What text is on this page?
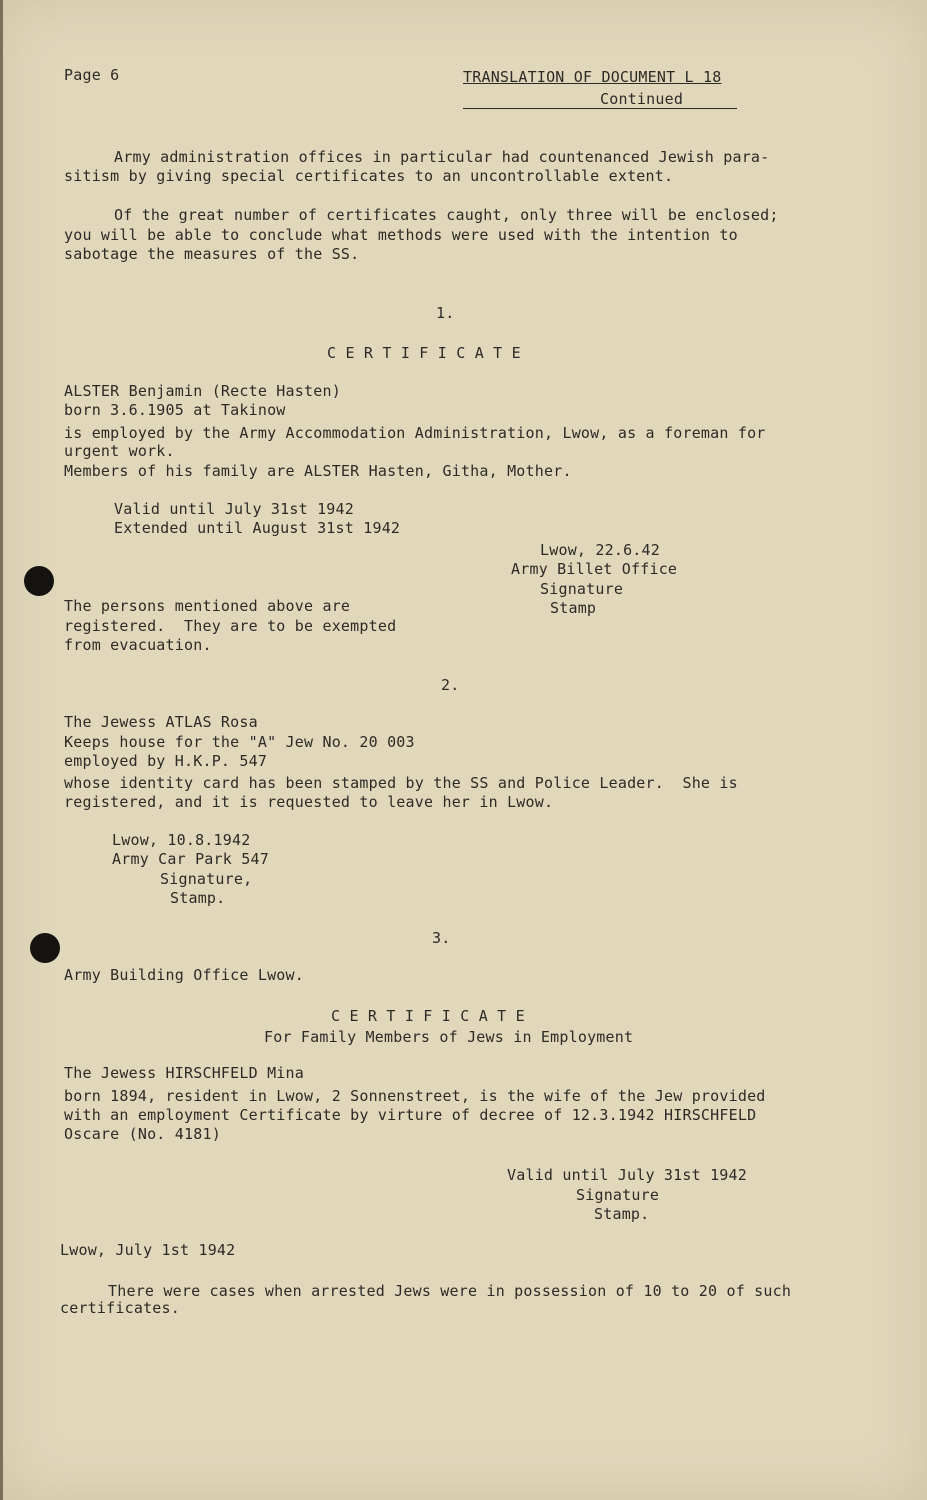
Page 6	TRANSLATION OF DOCUMENT L 18
Continued
Army administration offices in particular had countenanced Jewish para-
sitism by giving special certificates to an uncontrollable extent.
Of the great number of certificates caught, only three will be enclosed;
you will be able to conclude what methods were used with the intention to
sabotage the measures of the SS.
1.
C E R T I F I C A T E
ALSTER Benjamin (Recte Hasten)
born 3.6.1905 at Takinow
is employed by the Army Accommodation Administration, Lwow, as a foreman for
urgent work.
Members of his family are ALSTER Hasten, Githa, Mother.
Valid until July 31st 1942
Extended until August 31st 1942
Lwow, 22.6.42
Army Billet Office
Signature
Stamp
The persons mentioned above are
registered.  They are to be exempted
from evacuation.
2.
The Jewess ATLAS Rosa
Keeps house for the "A" Jew No. 20 003
employed by H.K.P. 547
whose identity card has been stamped by the SS and Police Leader.  She is
registered, and it is requested to leave her in Lwow.
Lwow, 10.8.1942
Army Car Park 547
Signature,
Stamp.
3.
Army Building Office Lwow.
C E R T I F I C A T E
For Family Members of Jews in Employment
The Jewess HIRSCHFELD Mina
born 1894, resident in Lwow, 2 Sonnenstreet, is the wife of the Jew provided
with an employment Certificate by virture of decree of 12.3.1942 HIRSCHFELD
Oscare (No. 4181)
Valid until July 31st 1942
Signature
Stamp.
Lwow, July 1st 1942
There were cases when arrested Jews were in possession of 10 to 20 of such
certificates.
